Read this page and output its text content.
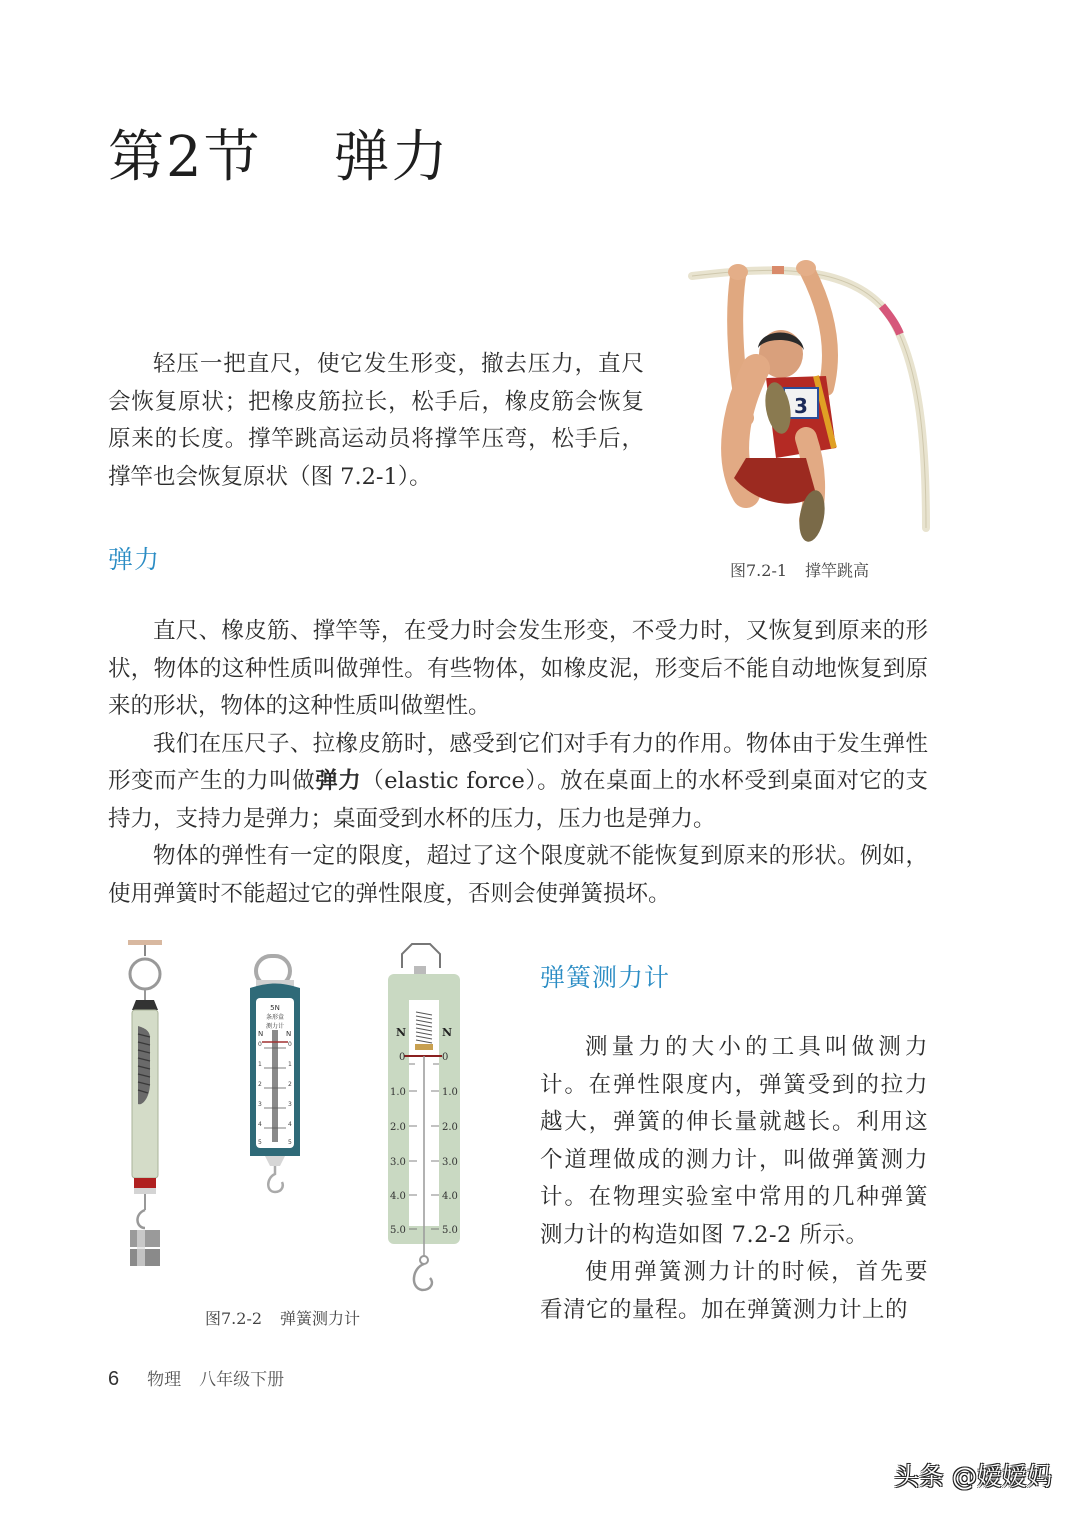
第2节 弹力

轻压一把直尺，使它发生形变，撤去压力，直尺会恢复原状；把橡皮筋拉长，松手后，橡皮筋会恢复原来的长度。撑竿跳高运动员将撑竿压弯，松手后，撑竿也会恢复原状（图 7.2-1）。

3
图7.2-1 撑竿跳高
弹力

直尺、橡皮筋、撑竿等，在受力时会发生形变，不受力时，又恢复到原来的形状，物体的这种性质叫做弹性。有些物体，如橡皮泥，形变后不能自动地恢复到原来的形状，物体的这种性质叫做塑性。

我们在压尺子、拉橡皮筋时，感受到它们对手有力的作用。物体由于发生弹性形变而产生的力叫做弹力（elastic force）。放在桌面上的水杯受到桌面对它的支持力，支持力是弹力；桌面受到水杯的压力，压力也是弹力。

物体的弹性有一定的限度，超过了这个限度就不能恢复到原来的形状。例如，使用弹簧时不能超过它的弹性限度，否则会使弹簧损坏。

5N
条形盒
测力计
N	N
0	0
1	1
2	2
3	3
4	4
5	5
N	N
0	0
1.0	1.0
2.0	2.0
3.0	3.0
4.0	4.0
5.0	5.0
图7.2-2 弹簧测力计
弹簧测力计

测量力的大小的工具叫做测力计。在弹性限度内，弹簧受到的拉力越大，弹簧的伸长量就越长。利用这个道理做成的测力计，叫做弹簧测力计。在物理实验室中常用的几种弹簧测力计的构造如图 7.2-2 所示。

使用弹簧测力计的时候，首先要看清它的量程。加在弹簧测力计上的

6 物理 八年级下册
头条 @嫒嫒妈
